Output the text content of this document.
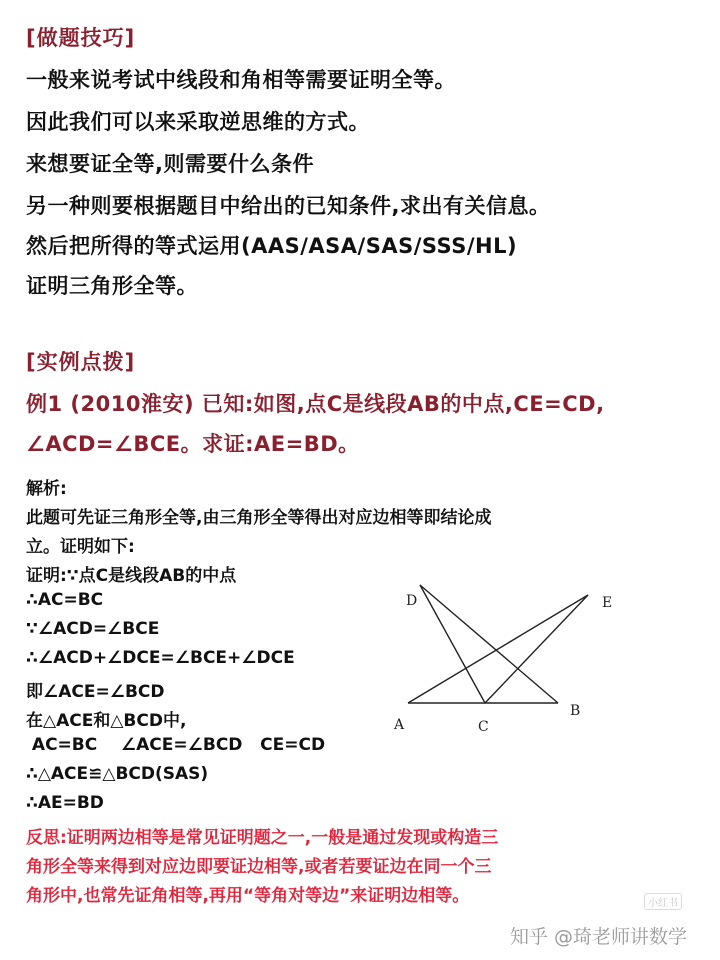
[做题技巧]
一般来说考试中线段和角相等需要证明全等。
因此我们可以来采取逆思维的方式。
来想要证全等,则需要什么条件
另一种则要根据题目中给出的已知条件,求出有关信息。
然后把所得的等式运用(AAS/ASA/SAS/SSS/HL)
证明三角形全等。
[实例点拨]
例1 (2010淮安) 已知:如图,点C是线段AB的中点,CE=CD,
∠ACD=∠BCE。求证:AE=BD。
解析:
此题可先证三角形全等,由三角形全等得出对应边相等即结论成
立。证明如下:
证明:∵点C是线段AB的中点
∴AC=BC
∵∠ACD=∠BCE
∴∠ACD+∠DCE=∠BCE+∠DCE
即∠ACE=∠BCD
在△ACE和△BCD中,
AC=BC    ∠ACE=∠BCD   CE=CD
∴△ACE≌△BCD(SAS)
∴AE=BD
反思:证明两边相等是常见证明题之一,一般是通过发现或构造三
角形全等来得到对应边即要证边相等,或者若要证边在同一个三
角形中,也常先证角相等,再用“等角对等边”来证明边相等。
A	C
B
D	E
小红书
知乎 @琦老师讲数学
